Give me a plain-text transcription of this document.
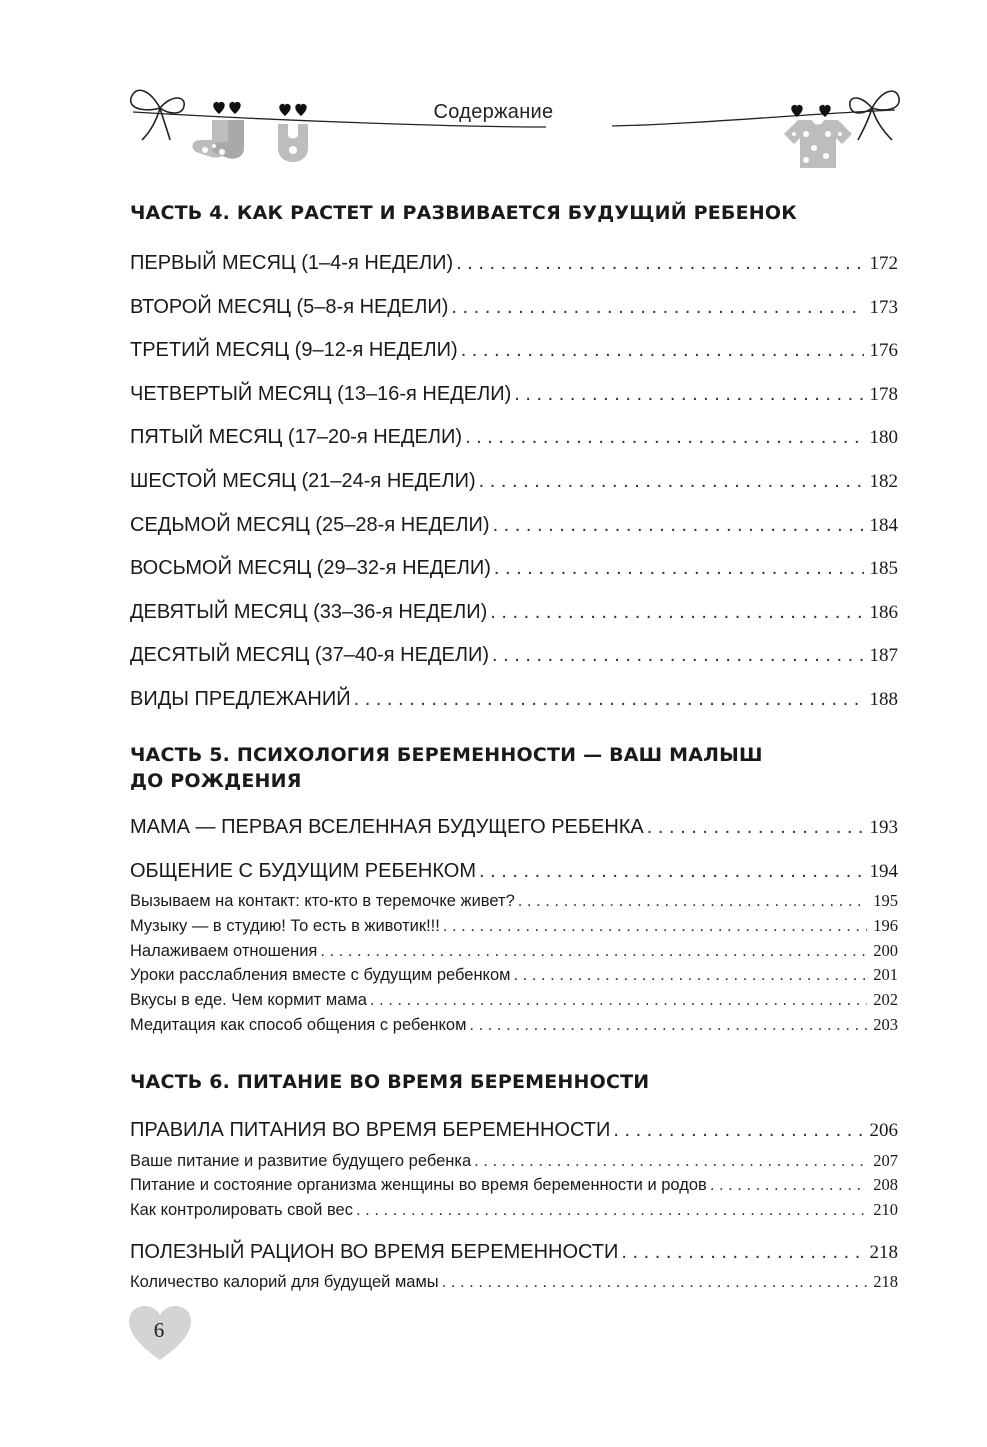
Содержание
ЧАСТЬ 4. КАК РАСТЕТ И РАЗВИВАЕТСЯ БУДУЩИЙ РЕБЕНОК
ПЕРВЫЙ МЕСЯЦ (1–4-я НЕДЕЛИ) . . .	172
ВТОРОЙ МЕСЯЦ (5–8-я НЕДЕЛИ) . . .	173
ТРЕТИЙ МЕСЯЦ (9–12-я НЕДЕЛИ) . . .	176
ЧЕТВЕРТЫЙ МЕСЯЦ (13–16-я НЕДЕЛИ) . . .	178
ПЯТЫЙ МЕСЯЦ (17–20-я НЕДЕЛИ) . . .	180
ШЕСТОЙ МЕСЯЦ (21–24-я НЕДЕЛИ) . . .	182
СЕДЬМОЙ МЕСЯЦ (25–28-я НЕДЕЛИ) . . .	184
ВОСЬМОЙ МЕСЯЦ (29–32-я НЕДЕЛИ) . . .	185
ДЕВЯТЫЙ МЕСЯЦ (33–36-я НЕДЕЛИ) . . .	186
ДЕСЯТЫЙ МЕСЯЦ (37–40-я НЕДЕЛИ) . . .	187
ВИДЫ ПРЕДЛЕЖАНИЙ . . .	188
ЧАСТЬ 5. ПСИХОЛОГИЯ БЕРЕМЕННОСТИ — ВАШ МАЛЫШ
ДО РОЖДЕНИЯ
МАМА — ПЕРВАЯ ВСЕЛЕННАЯ БУДУЩЕГО РЕБЕНКА . . .	193
ОБЩЕНИЕ С БУДУЩИМ РЕБЕНКОМ . . .	194
Вызываем на контакт: кто-кто в теремочке живет? . . .	195
Музыку — в студию! То есть в животик!!! . . .	196
Налаживаем отношения . . .	200
Уроки расслабления вместе с будущим ребенком . . .	201
Вкусы в еде. Чем кормит мама . . .	202
Медитация как способ общения с ребенком . . .	203
ЧАСТЬ 6. ПИТАНИЕ ВО ВРЕМЯ БЕРЕМЕННОСТИ
ПРАВИЛА ПИТАНИЯ ВО ВРЕМЯ БЕРЕМЕННОСТИ . . .	206
Ваше питание и развитие будущего ребенка . . .	207
Питание и состояние организма женщины во время беременности и родов . . .	208
Как контролировать свой вес . . .	210
ПОЛЕЗНЫЙ РАЦИОН ВО ВРЕМЯ БЕРЕМЕННОСТИ . . .	218
Количество калорий для будущей мамы . . .	218
6
